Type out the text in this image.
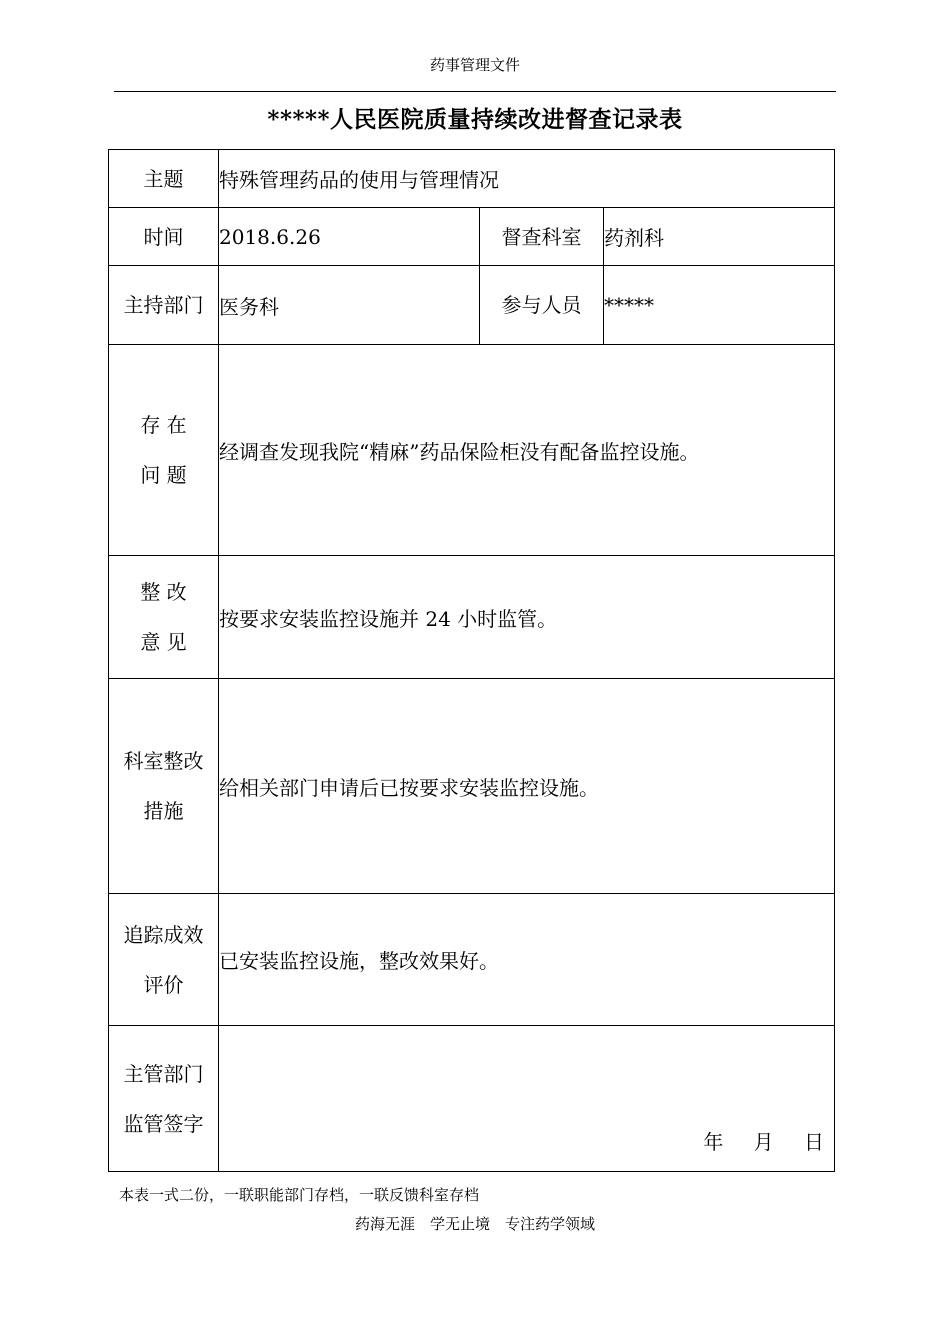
药事管理文件
*****人民医院质量持续改进督查记录表
主题	特殊管理药品的使用与管理情况		
时间	2018.6.26	督查科室	药剂科
主持部门	医务科	参与人员	*****

存 在
问 题	经调查发现我院“精麻”药品保险柜没有配备监控设施。		

整 改
意 见	按要求安装监控设施并 24 小时监管。		

科室整改
措施	给相关部门申请后已按要求安装监控设施。		

追踪成效
评价	已安装监控设施，整改效果好。		

主管部门
监管签字	年 月 日		
本表一式二份，一联职能部门存档，一联反馈科室存档
药海无涯　学无止境　专注药学领域
